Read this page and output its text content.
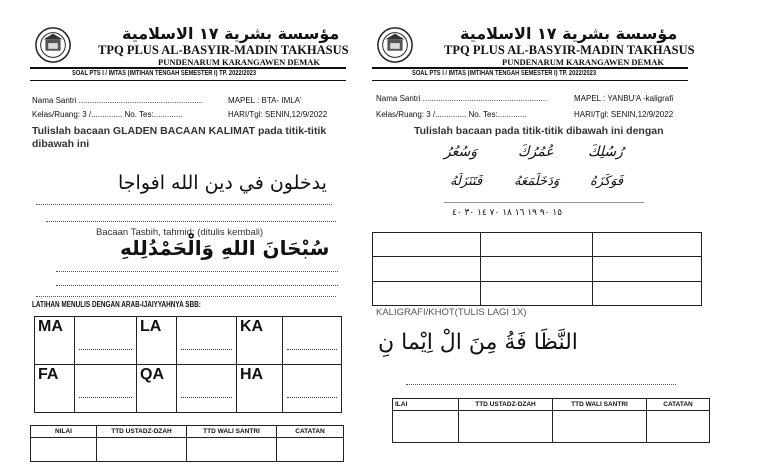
مؤسسة بشرية ١٧ الاسلامية
TPQ PLUS AL-BASYIR-MADIN TAKHASUS
PUNDENARUM KARANGAWEN DEMAK
SOAL PTS I / IMTAS (IMTIHAN TENGAH SEMESTER I) TP. 2022/2023
Nama Santri ........................................................	MAPEL : BTA- IMLA'
Kelas/Ruang: 3 /.............. No. Tes:.............	HARI/Tgl: SENIN,12/9/2022
Tulislah bacaan GLADEN BACAAN KALIMAT pada titik-titik dibawah ini
يدخلون في دين الله افواجا
Bacaan Tasbih, tahmid: (ditulis kembali)
سُبْحَانَ اللهِ وَالْحَمْدُلِلهِ
LATIHAN MENULIS DENGAN ARAB-IJAIYYAHNYA SBB:
MA		LA		KA	

FA		QA		HA	
NILAI	TTD USTADZ-DZAH	TTD WALI SANTRI	CATATAN

مؤسسة بشرية ١٧ الاسلامية
TPQ PLUS AL-BASYIR-MADIN TAKHASUS
PUNDENARUM KARANGAWEN DEMAK
SOAL PTS I / IMTAS (IMTIHAN TENGAH SEMESTER I) TP. 2022/2023
Nama Santri ........................................................	MAPEL : YANBU'A -kaligrafi
Kelas/Ruang: 3 /.............. No. Tes:.............	HARI/Tgl: SENIN,12/9/2022
Tulislah bacaan pada titik-titik dibawah ini dengan
وَسُعُرُ	عُمُرُكَ رُسُلِكَ
فَتَنَزَلَهُ وَدَخَلَمَعَهُ فَوَكَزَهُ
١٥ ٩٠ ١٩ ١٦ ١٨ ٧٠ ١٤ ٣٠ ٤٠

KALIGRAFI/KHOT(TULIS LAGI 1X)
النَّظَا فَةُ مِنَ الْ اِيْما نِ
ILAI	TTD USTADZ-DZAH	TTD WALI SANTRI	CATATAN
